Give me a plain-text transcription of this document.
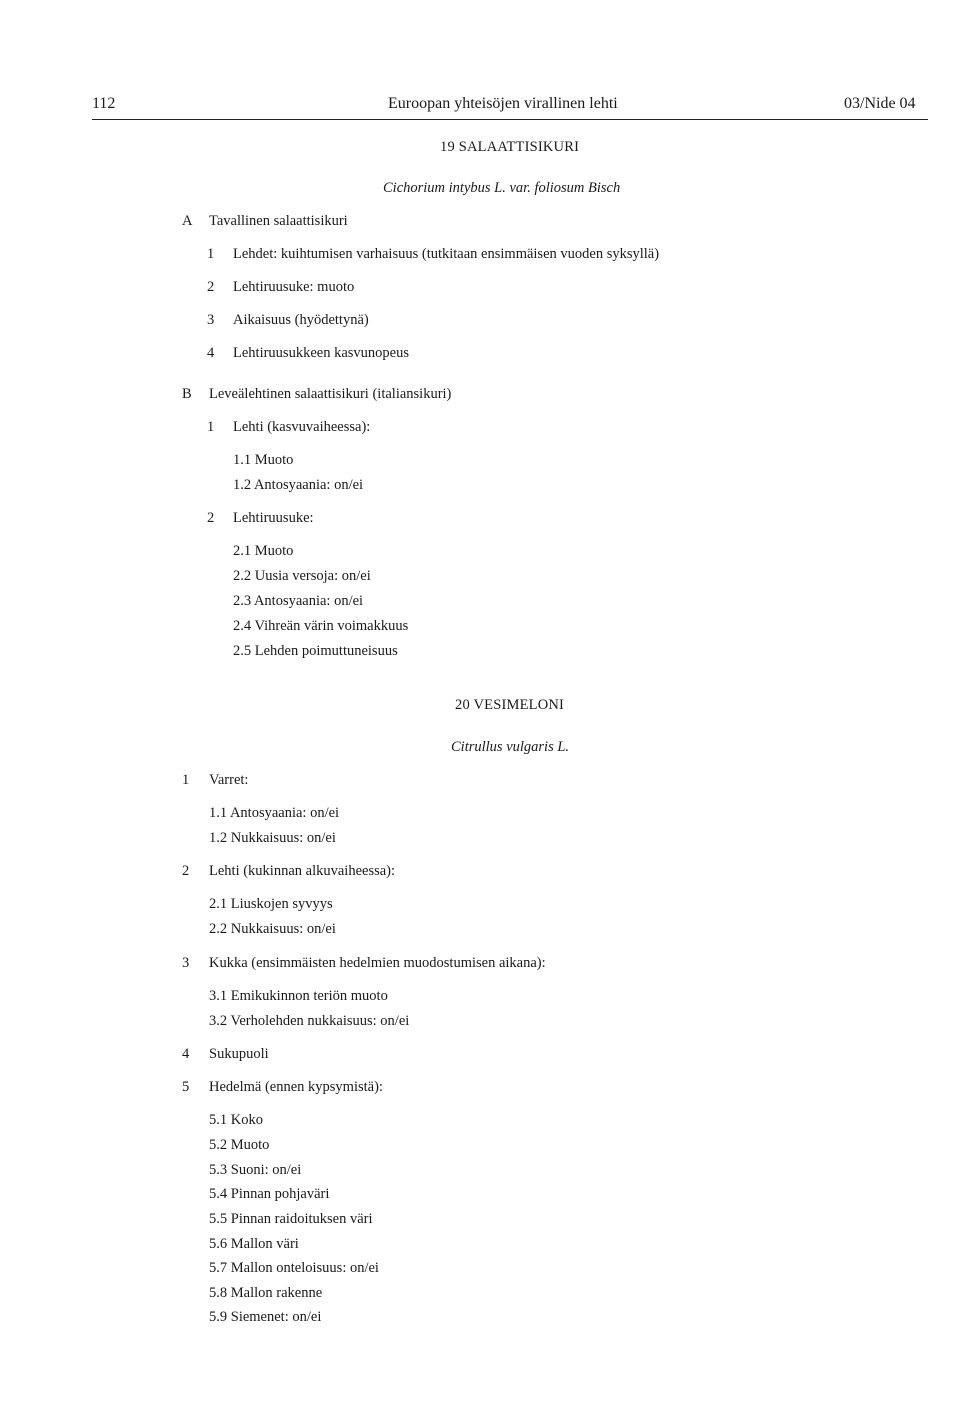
112	Euroopan yhteisöjen virallinen lehti	03/Nide 04
19 SALAATTISIKURI
Cichorium intybus L. var. foliosum Bisch
A Tavallinen salaattisikuri
1 Lehdet: kuihtumisen varhaisuus (tutkitaan ensimmäisen vuoden syksyllä)
2 Lehtiruusuke: muoto
3 Aikaisuus (hyödettynä)
4 Lehtiruusukkeen kasvunopeus
B Leveälehtinen salaattisikuri (italiansikuri)
1 Lehti (kasvuvaiheessa):
1.1 Muoto
1.2 Antosyaania: on/ei
2 Lehtiruusuke:
2.1 Muoto
2.2 Uusia versoja: on/ei
2.3 Antosyaania: on/ei
2.4 Vihreän värin voimakkuus
2.5 Lehden poimuttuneisuus
20 VESIMELONI
Citrullus vulgaris L.
1 Varret:
1.1 Antosyaania: on/ei
1.2 Nukkaisuus: on/ei
2 Lehti (kukinnan alkuvaiheessa):
2.1 Liuskojen syvyys
2.2 Nukkaisuus: on/ei
3 Kukka (ensimmäisten hedelmien muodostumisen aikana):
3.1 Emikukinnon teriön muoto
3.2 Verholehden nukkaisuus: on/ei
4 Sukupuoli
5 Hedelmä (ennen kypsymistä):
5.1 Koko
5.2 Muoto
5.3 Suoni: on/ei
5.4 Pinnan pohjaväri
5.5 Pinnan raidoituksen väri
5.6 Mallon väri
5.7 Mallon onteloisuus: on/ei
5.8 Mallon rakenne
5.9 Siemenet: on/ei
